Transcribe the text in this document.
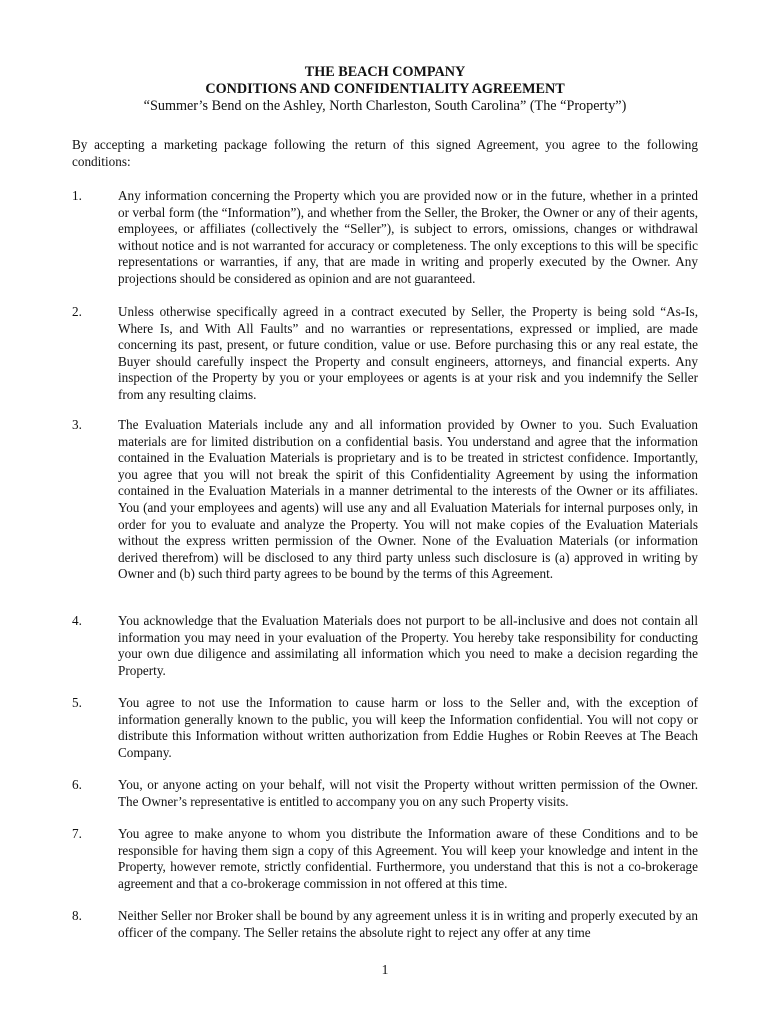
THE BEACH COMPANY
CONDITIONS AND CONFIDENTIALITY AGREEMENT
“Summer’s Bend on the Ashley, North Charleston, South Carolina” (The “Property”)
By accepting a marketing package following the return of this signed Agreement, you agree to the following conditions:
1.	Any information concerning the Property which you are provided now or in the future, whether in a printed or verbal form (the “Information”), and whether from the Seller, the Broker, the Owner or any of their agents, employees, or affiliates (collectively the “Seller”), is subject to errors, omissions, changes or withdrawal without notice and is not warranted for accuracy or completeness. The only exceptions to this will be specific representations or warranties, if any, that are made in writing and properly executed by the Owner. Any projections should be considered as opinion and are not guaranteed.
2.	Unless otherwise specifically agreed in a contract executed by Seller, the Property is being sold “As-Is, Where Is, and With All Faults” and no warranties or representations, expressed or implied, are made concerning its past, present, or future condition, value or use. Before purchasing this or any real estate, the Buyer should carefully inspect the Property and consult engineers, attorneys, and financial experts. Any inspection of the Property by you or your employees or agents is at your risk and you indemnify the Seller from any resulting claims.
3.	The Evaluation Materials include any and all information provided by Owner to you. Such Evaluation materials are for limited distribution on a confidential basis. You understand and agree that the information contained in the Evaluation Materials is proprietary and is to be treated in strictest confidence. Importantly, you agree that you will not break the spirit of this Confidentiality Agreement by using the information contained in the Evaluation Materials in a manner detrimental to the interests of the Owner or its affiliates. You (and your employees and agents) will use any and all Evaluation Materials for internal purposes only, in order for you to evaluate and analyze the Property. You will not make copies of the Evaluation Materials without the express written permission of the Owner. None of the Evaluation Materials (or information derived therefrom) will be disclosed to any third party unless such disclosure is (a) approved in writing by Owner and (b) such third party agrees to be bound by the terms of this Agreement.
4.	You acknowledge that the Evaluation Materials does not purport to be all-inclusive and does not contain all information you may need in your evaluation of the Property. You hereby take responsibility for conducting your own due diligence and assimilating all information which you need to make a decision regarding the Property.
5.	You agree to not use the Information to cause harm or loss to the Seller and, with the exception of information generally known to the public, you will keep the Information confidential. You will not copy or distribute this Information without written authorization from Eddie Hughes or Robin Reeves at The Beach Company.
6.	You, or anyone acting on your behalf, will not visit the Property without written permission of the Owner. The Owner’s representative is entitled to accompany you on any such Property visits.
7.	You agree to make anyone to whom you distribute the Information aware of these Conditions and to be responsible for having them sign a copy of this Agreement. You will keep your knowledge and intent in the Property, however remote, strictly confidential. Furthermore, you understand that this is not a co-brokerage agreement and that a co-brokerage commission in not offered at this time.
8.	Neither Seller nor Broker shall be bound by any agreement unless it is in writing and properly executed by an officer of the company. The Seller retains the absolute right to reject any offer at any time
1
